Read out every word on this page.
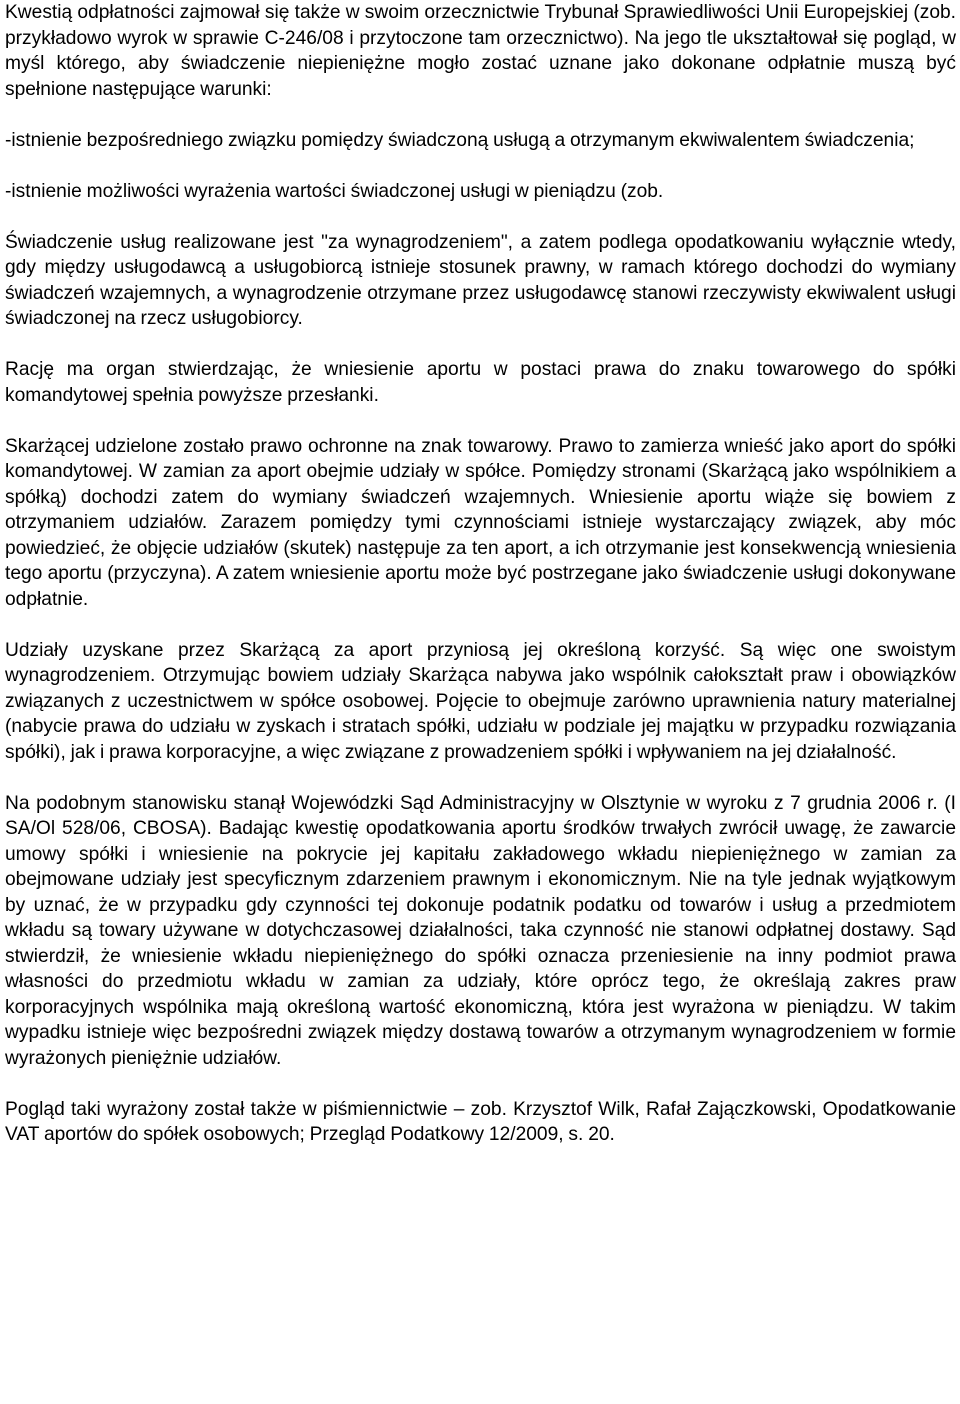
Kwestią odpłatności zajmował się także w swoim orzecznictwie Trybunał Sprawiedliwości Unii Europejskiej (zob. przykładowo wyrok w sprawie C-246/08 i przytoczone tam orzecznictwo). Na jego tle ukształtował się pogląd, w myśl którego, aby świadczenie niepieniężne mogło zostać uznane jako dokonane odpłatnie muszą być spełnione następujące warunki:

-istnienie bezpośredniego związku pomiędzy świadczoną usługą a otrzymanym ekwiwalentem świadczenia;

-istnienie możliwości wyrażenia wartości świadczonej usługi w pieniądzu (zob.

Świadczenie usług realizowane jest "za wynagrodzeniem", a zatem podlega opodatkowaniu wyłącznie wtedy, gdy między usługodawcą a usługobiorcą istnieje stosunek prawny, w ramach którego dochodzi do wymiany świadczeń wzajemnych, a wynagrodzenie otrzymane przez usługodawcę stanowi rzeczywisty ekwiwalent usługi świadczonej na rzecz usługobiorcy.

Rację ma organ stwierdzając, że wniesienie aportu w postaci prawa do znaku towarowego do spółki komandytowej spełnia powyższe przesłanki.

Skarżącej udzielone zostało prawo ochronne na znak towarowy. Prawo to zamierza wnieść jako aport do spółki komandytowej. W zamian za aport obejmie udziały w spółce. Pomiędzy stronami (Skarżącą jako wspólnikiem a spółką) dochodzi zatem do wymiany świadczeń wzajemnych. Wniesienie aportu wiąże się bowiem z otrzymaniem udziałów. Zarazem pomiędzy tymi czynnościami istnieje wystarczający związek, aby móc powiedzieć, że objęcie udziałów (skutek) następuje za ten aport, a ich otrzymanie jest konsekwencją wniesienia tego aportu (przyczyna). A zatem wniesienie aportu może być postrzegane jako świadczenie usługi dokonywane odpłatnie.

Udziały uzyskane przez Skarżącą za aport przyniosą jej określoną korzyść. Są więc one swoistym wynagrodzeniem. Otrzymując bowiem udziały Skarżąca nabywa jako wspólnik całokształt praw i obowiązków związanych z uczestnictwem w spółce osobowej. Pojęcie to obejmuje zarówno uprawnienia natury materialnej (nabycie prawa do udziału w zyskach i stratach spółki, udziału w podziale jej majątku w przypadku rozwiązania spółki), jak i prawa korporacyjne, a więc związane z prowadzeniem spółki i wpływaniem na jej działalność.

Na podobnym stanowisku stanął Wojewódzki Sąd Administracyjny w Olsztynie w wyroku z 7 grudnia 2006 r. (I SA/Ol 528/06, CBOSA). Badając kwestię opodatkowania aportu środków trwałych zwrócił uwagę, że zawarcie umowy spółki i wniesienie na pokrycie jej kapitału zakładowego wkładu niepieniężnego w zamian za obejmowane udziały jest specyficznym zdarzeniem prawnym i ekonomicznym. Nie na tyle jednak wyjątkowym by uznać, że w przypadku gdy czynności tej dokonuje podatnik podatku od towarów i usług a przedmiotem wkładu są towary używane w dotychczasowej działalności, taka czynność nie stanowi odpłatnej dostawy. Sąd stwierdził, że wniesienie wkładu niepieniężnego do spółki oznacza przeniesienie na inny podmiot prawa własności do przedmiotu wkładu w zamian za udziały, które oprócz tego, że określają zakres praw korporacyjnych wspólnika mają określoną wartość ekonomiczną, która jest wyrażona w pieniądzu. W takim wypadku istnieje więc bezpośredni związek między dostawą towarów a otrzymanym wynagrodzeniem w formie wyrażonych pieniężnie udziałów.

Pogląd taki wyrażony został także w piśmiennictwie – zob. Krzysztof Wilk, Rafał Zajączkowski, Opodatkowanie VAT aportów do spółek osobowych; Przegląd Podatkowy 12/2009, s. 20.
